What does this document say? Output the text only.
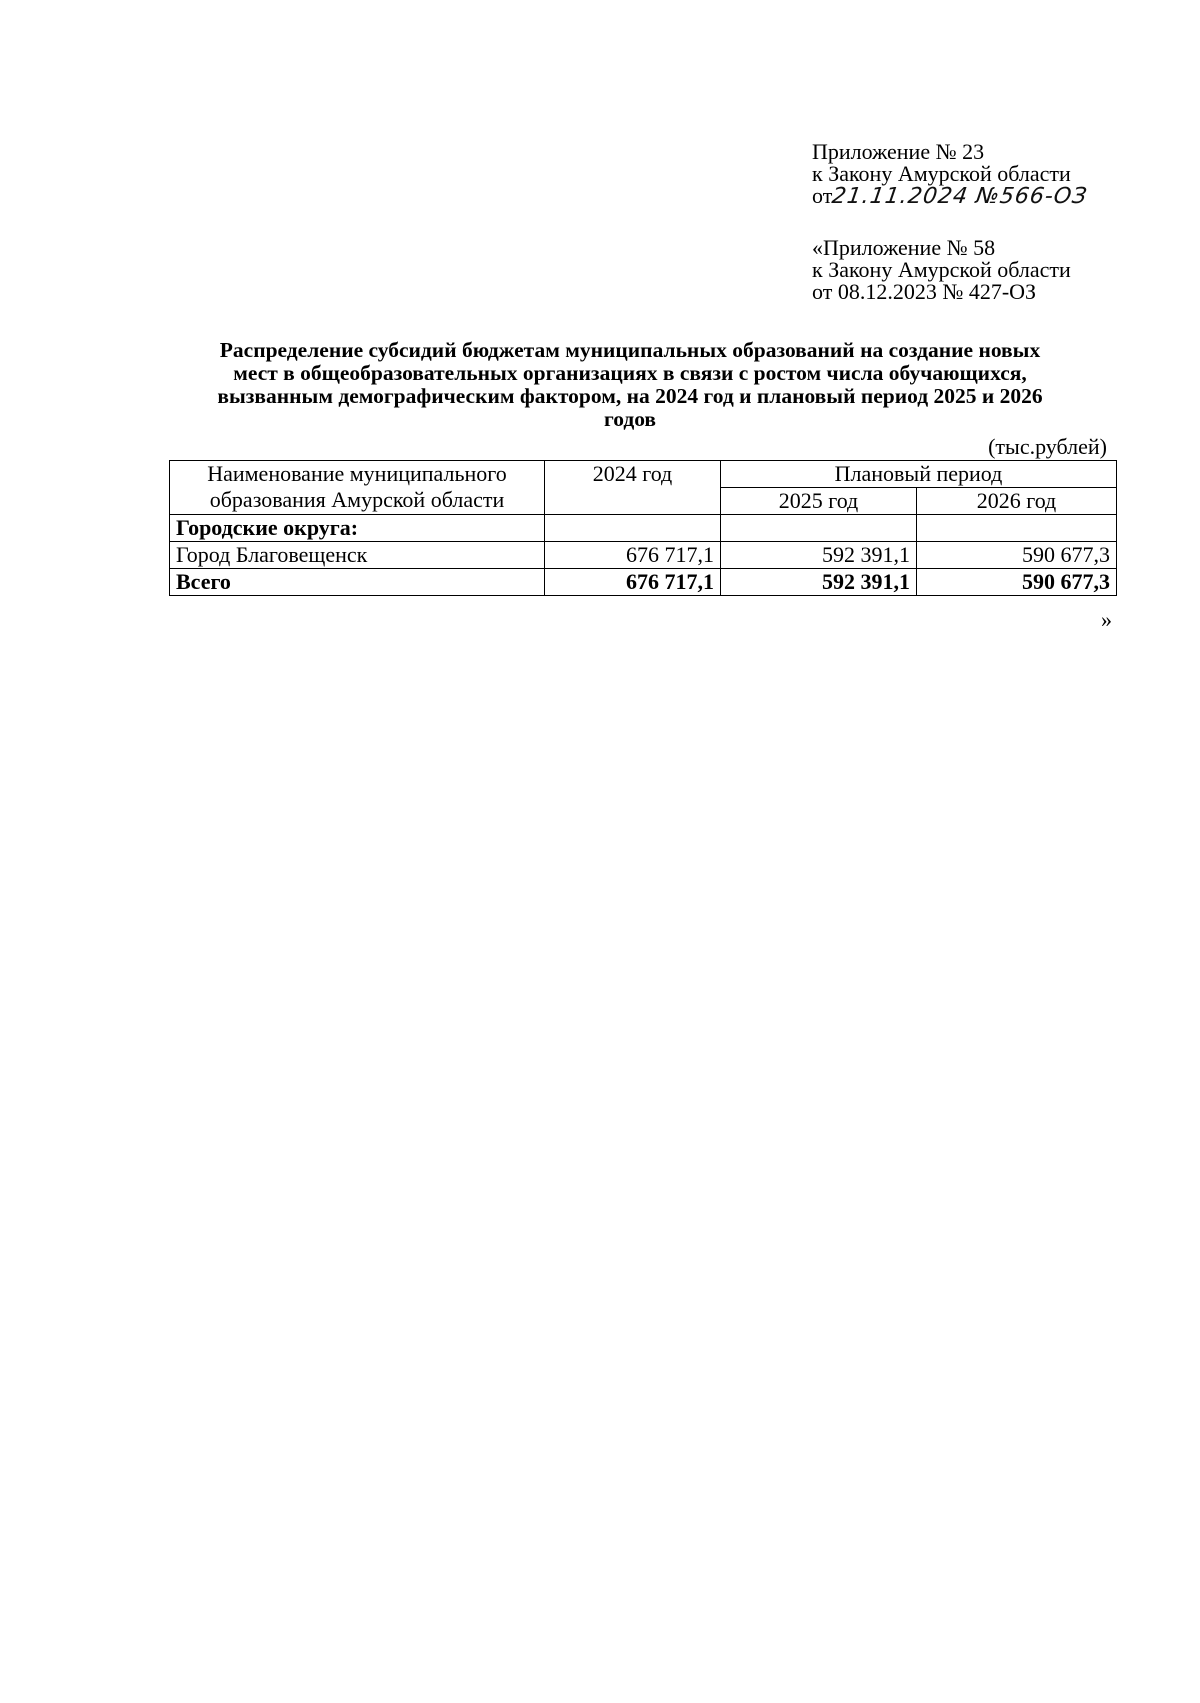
Приложение № 23
к Закону Амурской области
от21.11.2024 №566-ОЗ
«Приложение № 58
к Закону Амурской области
от 08.12.2023 № 427-ОЗ
Распределение субсидий бюджетам муниципальных образований на создание новых
мест в общеобразовательных организациях в связи с ростом числа обучающихся,
вызванным демографическим фактором, на 2024 год и плановый период 2025 и 2026
годов
(тыс.рублей)
Наименование муниципального
образования Амурской области	2024 год	Плановый период	
		2025 год	2026 год
Городские округа:			
Город Благовещенск	676 717,1	592 391,1	590 677,3
Всего	676 717,1	592 391,1	590 677,3
»
